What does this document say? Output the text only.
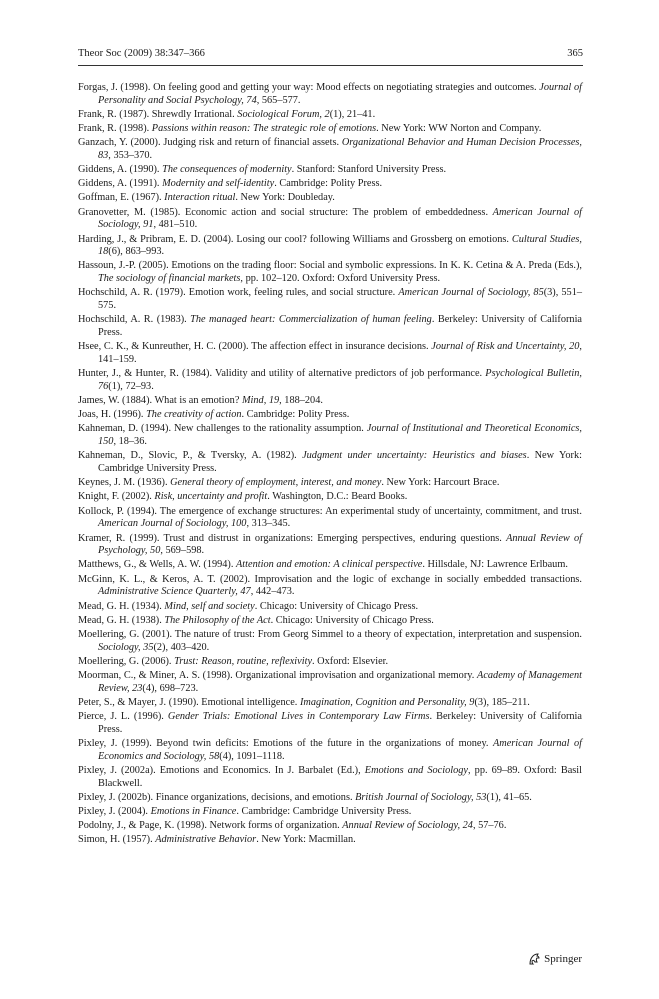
Theor Soc (2009) 38:347–366	365

Forgas, J. (1998). On feeling good and getting your way: Mood effects on negotiating strategies and outcomes. Journal of Personality and Social Psychology, 74, 565–577.

Frank, R. (1987). Shrewdly Irrational. Sociological Forum, 2(1), 21–41.

Frank, R. (1998). Passions within reason: The strategic role of emotions. New York: WW Norton and Company.

Ganzach, Y. (2000). Judging risk and return of financial assets. Organizational Behavior and Human Decision Processes, 83, 353–370.

Giddens, A. (1990). The consequences of modernity. Stanford: Stanford University Press.

Giddens, A. (1991). Modernity and self-identity. Cambridge: Polity Press.

Goffman, E. (1967). Interaction ritual. New York: Doubleday.

Granovetter, M. (1985). Economic action and social structure: The problem of embeddedness. American Journal of Sociology, 91, 481–510.

Harding, J., & Pribram, E. D. (2004). Losing our cool? following Williams and Grossberg on emotions. Cultural Studies, 18(6), 863–993.

Hassoun, J.-P. (2005). Emotions on the trading floor: Social and symbolic expressions. In K. K. Cetina & A. Preda (Eds.), The sociology of financial markets, pp. 102–120. Oxford: Oxford University Press.

Hochschild, A. R. (1979). Emotion work, feeling rules, and social structure. American Journal of Sociology, 85(3), 551–575.

Hochschild, A. R. (1983). The managed heart: Commercialization of human feeling. Berkeley: University of California Press.

Hsee, C. K., & Kunreuther, H. C. (2000). The affection effect in insurance decisions. Journal of Risk and Uncertainty, 20, 141–159.

Hunter, J., & Hunter, R. (1984). Validity and utility of alternative predictors of job performance. Psychological Bulletin, 76(1), 72–93.

James, W. (1884). What is an emotion? Mind, 19, 188–204.

Joas, H. (1996). The creativity of action. Cambridge: Polity Press.

Kahneman, D. (1994). New challenges to the rationality assumption. Journal of Institutional and Theoretical Economics, 150, 18–36.

Kahneman, D., Slovic, P., & Tversky, A. (1982). Judgment under uncertainty: Heuristics and biases. New York: Cambridge University Press.

Keynes, J. M. (1936). General theory of employment, interest, and money. New York: Harcourt Brace.

Knight, F. (2002). Risk, uncertainty and profit. Washington, D.C.: Beard Books.

Kollock, P. (1994). The emergence of exchange structures: An experimental study of uncertainty, commitment, and trust. American Journal of Sociology, 100, 313–345.

Kramer, R. (1999). Trust and distrust in organizations: Emerging perspectives, enduring questions. Annual Review of Psychology, 50, 569–598.

Matthews, G., & Wells, A. W. (1994). Attention and emotion: A clinical perspective. Hillsdale, NJ: Lawrence Erlbaum.

McGinn, K. L., & Keros, A. T. (2002). Improvisation and the logic of exchange in socially embedded transactions. Administrative Science Quarterly, 47, 442–473.

Mead, G. H. (1934). Mind, self and society. Chicago: University of Chicago Press.

Mead, G. H. (1938). The Philosophy of the Act. Chicago: University of Chicago Press.

Moellering, G. (2001). The nature of trust: From Georg Simmel to a theory of expectation, interpretation and suspension. Sociology, 35(2), 403–420.

Moellering, G. (2006). Trust: Reason, routine, reflexivity. Oxford: Elsevier.

Moorman, C., & Miner, A. S. (1998). Organizational improvisation and organizational memory. Academy of Management Review, 23(4), 698–723.

Peter, S., & Mayer, J. (1990). Emotional intelligence. Imagination, Cognition and Personality, 9(3), 185–211.

Pierce, J. L. (1996). Gender Trials: Emotional Lives in Contemporary Law Firms. Berkeley: University of California Press.

Pixley, J. (1999). Beyond twin deficits: Emotions of the future in the organizations of money. American Journal of Economics and Sociology, 58(4), 1091–1118.

Pixley, J. (2002a). Emotions and Economics. In J. Barbalet (Ed.), Emotions and Sociology, pp. 69–89. Oxford: Basil Blackwell.

Pixley, J. (2002b). Finance organizations, decisions, and emotions. British Journal of Sociology, 53(1), 41–65.

Pixley, J. (2004). Emotions in Finance. Cambridge: Cambridge University Press.

Podolny, J., & Page, K. (1998). Network forms of organization. Annual Review of Sociology, 24, 57–76.

Simon, H. (1957). Administrative Behavior. New York: Macmillan.

Springer
